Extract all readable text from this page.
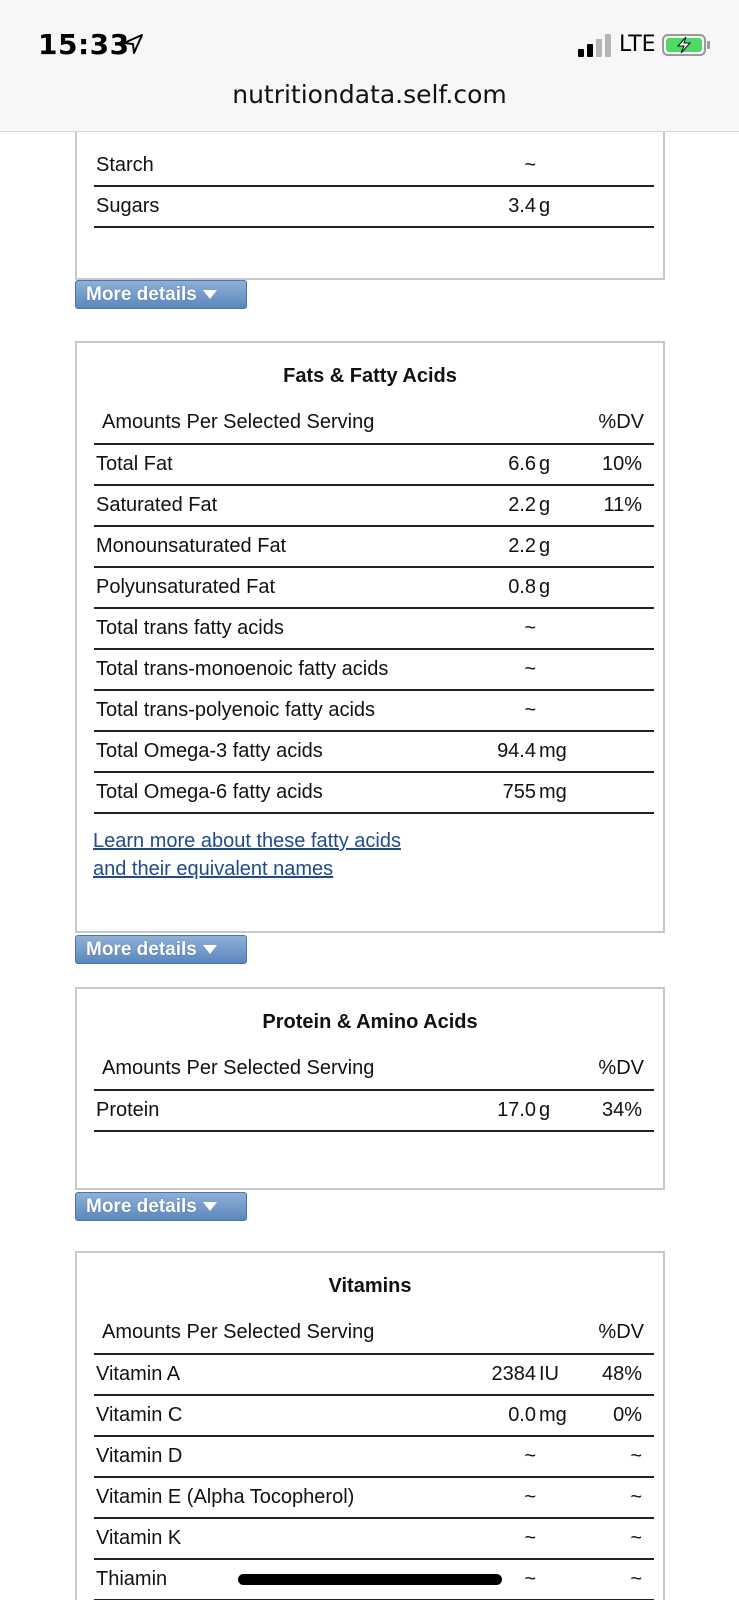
15:33	LTE
nutritiondata.self.com
Starch	~
Sugars	3.4 g
More details
Fats & Fatty Acids
Amounts Per Selected Serving	%DV
Total Fat	6.6 g	10%
Saturated Fat	2.2 g	11%
Monounsaturated Fat	2.2 g
Polyunsaturated Fat	0.8 g
Total trans fatty acids	~
Total trans-monoenoic fatty acids	~
Total trans-polyenoic fatty acids	~
Total Omega-3 fatty acids	94.4 mg
Total Omega-6 fatty acids	755 mg
Learn more about these fatty acids
and their equivalent names
More details
Protein & Amino Acids
Amounts Per Selected Serving	%DV
Protein	17.0 g	34%
More details
Vitamins
Amounts Per Selected Serving	%DV
Vitamin A	2384 IU 48%
Vitamin C	0.0 mg 0%
Vitamin D	~	~
Vitamin E (Alpha Tocopherol)	~	~
Vitamin K	~	~
Thiamin	~	~
